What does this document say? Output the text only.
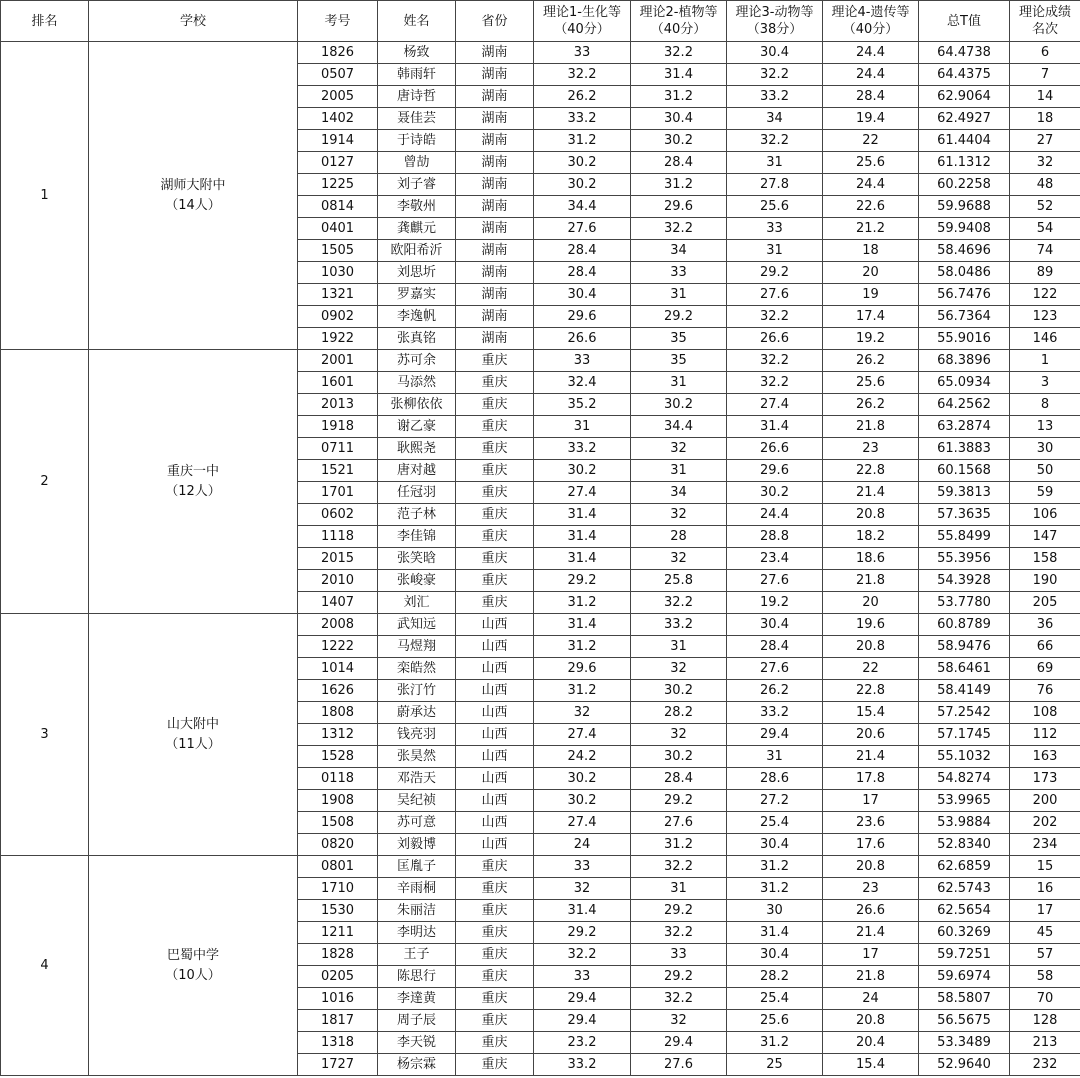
排名	学校	考号	姓名	省份	理论1-生化等
（40分）	理论2-植物等
（40分）	理论3-动物等
（38分）	理论4-遗传等
（40分）	总T值	理论成绩
名次

1	湖师大附中
（14人）	1826	杨致	湖南	33	32.2	30.4	24.4	64.4738	6
		0507	韩雨轩	湖南	32.2	31.4	32.2	24.4	64.4375	7
		2005	唐诗哲	湖南	26.2	31.2	33.2	28.4	62.9064	14
		1402	聂佳芸	湖南	33.2	30.4	34	19.4	62.4927	18
		1914	于诗皓	湖南	31.2	30.2	32.2	22	61.4404	27
		0127	曾劼	湖南	30.2	28.4	31	25.6	61.1312	32
		1225	刘子睿	湖南	30.2	31.2	27.8	24.4	60.2258	48
		0814	李敬州	湖南	34.4	29.6	25.6	22.6	59.9688	52
		0401	龚麒元	湖南	27.6	32.2	33	21.2	59.9408	54
		1505	欧阳希沂	湖南	28.4	34	31	18	58.4696	74
		1030	刘思圻	湖南	28.4	33	29.2	20	58.0486	89
		1321	罗嘉实	湖南	30.4	31	27.6	19	56.7476	122
		0902	李逸帆	湖南	29.6	29.2	32.2	17.4	56.7364	123
		1922	张真铭	湖南	26.6	35	26.6	19.2	55.9016	146
2	重庆一中
（12人）	2001	苏可余	重庆	33	35	32.2	26.2	68.3896	1
		1601	马添然	重庆	32.4	31	32.2	25.6	65.0934	3
		2013	张柳依依	重庆	35.2	30.2	27.4	26.2	64.2562	8
		1918	谢乙豪	重庆	31	34.4	31.4	21.8	63.2874	13
		0711	耿熙尧	重庆	33.2	32	26.6	23	61.3883	30
		1521	唐对越	重庆	30.2	31	29.6	22.8	60.1568	50
		1701	任冠羽	重庆	27.4	34	30.2	21.4	59.3813	59
		0602	范子林	重庆	31.4	32	24.4	20.8	57.3635	106
		1118	李佳锦	重庆	31.4	28	28.8	18.2	55.8499	147
		2015	张笑晗	重庆	31.4	32	23.4	18.6	55.3956	158
		2010	张峻豪	重庆	29.2	25.8	27.6	21.8	54.3928	190
		1407	刘汇	重庆	31.2	32.2	19.2	20	53.7780	205
3	山大附中
（11人）	2008	武知远	山西	31.4	33.2	30.4	19.6	60.8789	36
		1222	马煜翔	山西	31.2	31	28.4	20.8	58.9476	66
		1014	栾皓然	山西	29.6	32	27.6	22	58.6461	69
		1626	张汀竹	山西	31.2	30.2	26.2	22.8	58.4149	76
		1808	蔚承达	山西	32	28.2	33.2	15.4	57.2542	108
		1312	钱亮羽	山西	27.4	32	29.4	20.6	57.1745	112
		1528	张昊然	山西	24.2	30.2	31	21.4	55.1032	163
		0118	邓浩天	山西	30.2	28.4	28.6	17.8	54.8274	173
		1908	吴纪祯	山西	30.2	29.2	27.2	17	53.9965	200
		1508	苏可意	山西	27.4	27.6	25.4	23.6	53.9884	202
		0820	刘毅博	山西	24	31.2	30.4	17.6	52.8340	234
4	巴蜀中学
（10人）	0801	匡胤子	重庆	33	32.2	31.2	20.8	62.6859	15
		1710	辛雨桐	重庆	32	31	31.2	23	62.5743	16
		1530	朱丽洁	重庆	31.4	29.2	30	26.6	62.5654	17
		1211	李明达	重庆	29.2	32.2	31.4	21.4	60.3269	45
		1828	王子	重庆	32.2	33	30.4	17	59.7251	57
		0205	陈思行	重庆	33	29.2	28.2	21.8	59.6974	58
		1016	李達黄	重庆	29.4	32.2	25.4	24	58.5807	70
		1817	周子辰	重庆	29.4	32	25.6	20.8	56.5675	128
		1318	李天锐	重庆	23.2	29.4	31.2	20.4	53.3489	213
		1727	杨宗霖	重庆	33.2	27.6	25	15.4	52.9640	232
